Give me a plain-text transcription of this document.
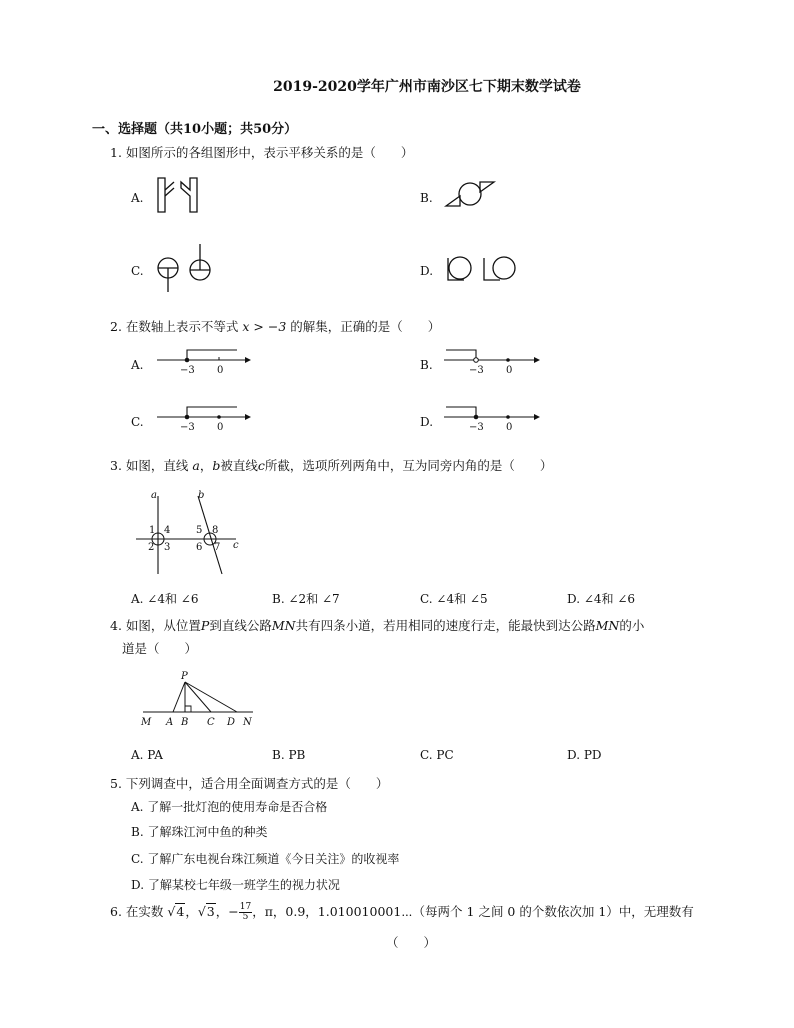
2019-2020学年广州市南沙区七下期末数学试卷
一、选择题（共10小题；共50分）
1. 如图所示的各组图形中，表示平移关系的是（　　）
A.	B.
C.	D.
2. 在数轴上表示不等式 x > −3 的解集，正确的是（　　）
A.	−3 0	B.	−3 0
C.	−3 0	D.	−3 0
3. 如图，直线 a，b被直线c所截，选项所列两角中，互为同旁内角的是（　　）
a	b
c
1 4
2 3
5 8
6 7
A. ∠4和 ∠6	B. ∠2和 ∠7	C. ∠4和 ∠5	D. ∠4和 ∠6
4. 如图，从位置P到直线公路MN共有四条小道，若用相同的速度行走，能最快到达公路MN的小
道是（　　）
P
M A B C D N
A. PA	B. PB	C. PC	D. PD
5. 下列调查中，适合用全面调查方式的是（　　）
A. 了解一批灯泡的使用寿命是否合格
B. 了解珠江河中鱼的种类
C. 了解广东电视台珠江频道《今日关注》的收视率
D. 了解某校七年级一班学生的视力状况
6. 在实数 √4，√3，− $\frac{17}{5}$ ，π，0.9，1.010010001⋯（每两个 1 之间 0 的个数依次加 1）中，无理数有
（　　）
